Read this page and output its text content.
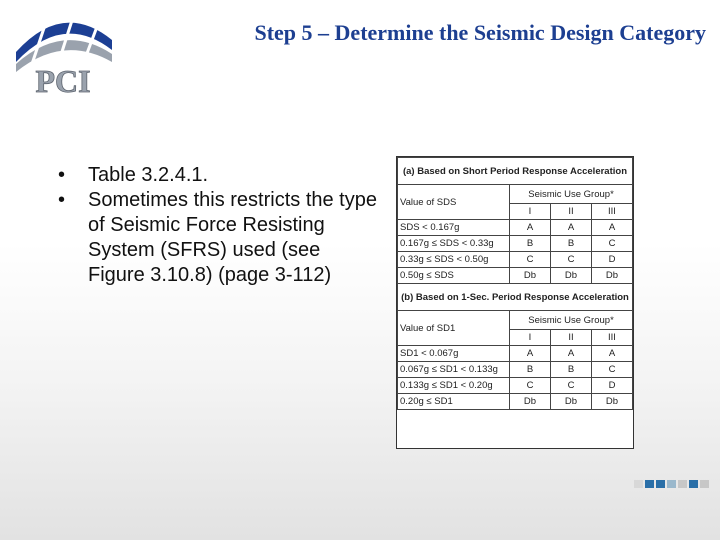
PCI
Step 5 – Determine the Seismic Design Category
• Table 3.2.4.1.
• Sometimes this restricts the type of Seismic Force Resisting System (SFRS) used (see Figure 3.10.8) (page 3-112)
(a) Based on Short Period Response Acceleration			
Value of SDS	Seismic Use Group*		
	I	II	III
SDS < 0.167g	A	A	A
0.167g ≤ SDS < 0.33g	B	B	C
0.33g ≤ SDS < 0.50g	C	C	D
0.50g ≤ SDS	Db	Db	Db
(b) Based on 1-Sec. Period Response Acceleration			
Value of SD1	Seismic Use Group*		
	I	II	III
SD1 < 0.067g	A	A	A
0.067g ≤ SD1 < 0.133g	B	B	C
0.133g ≤ SD1 < 0.20g	C	C	D
0.20g ≤ SD1	Db	Db	Db
